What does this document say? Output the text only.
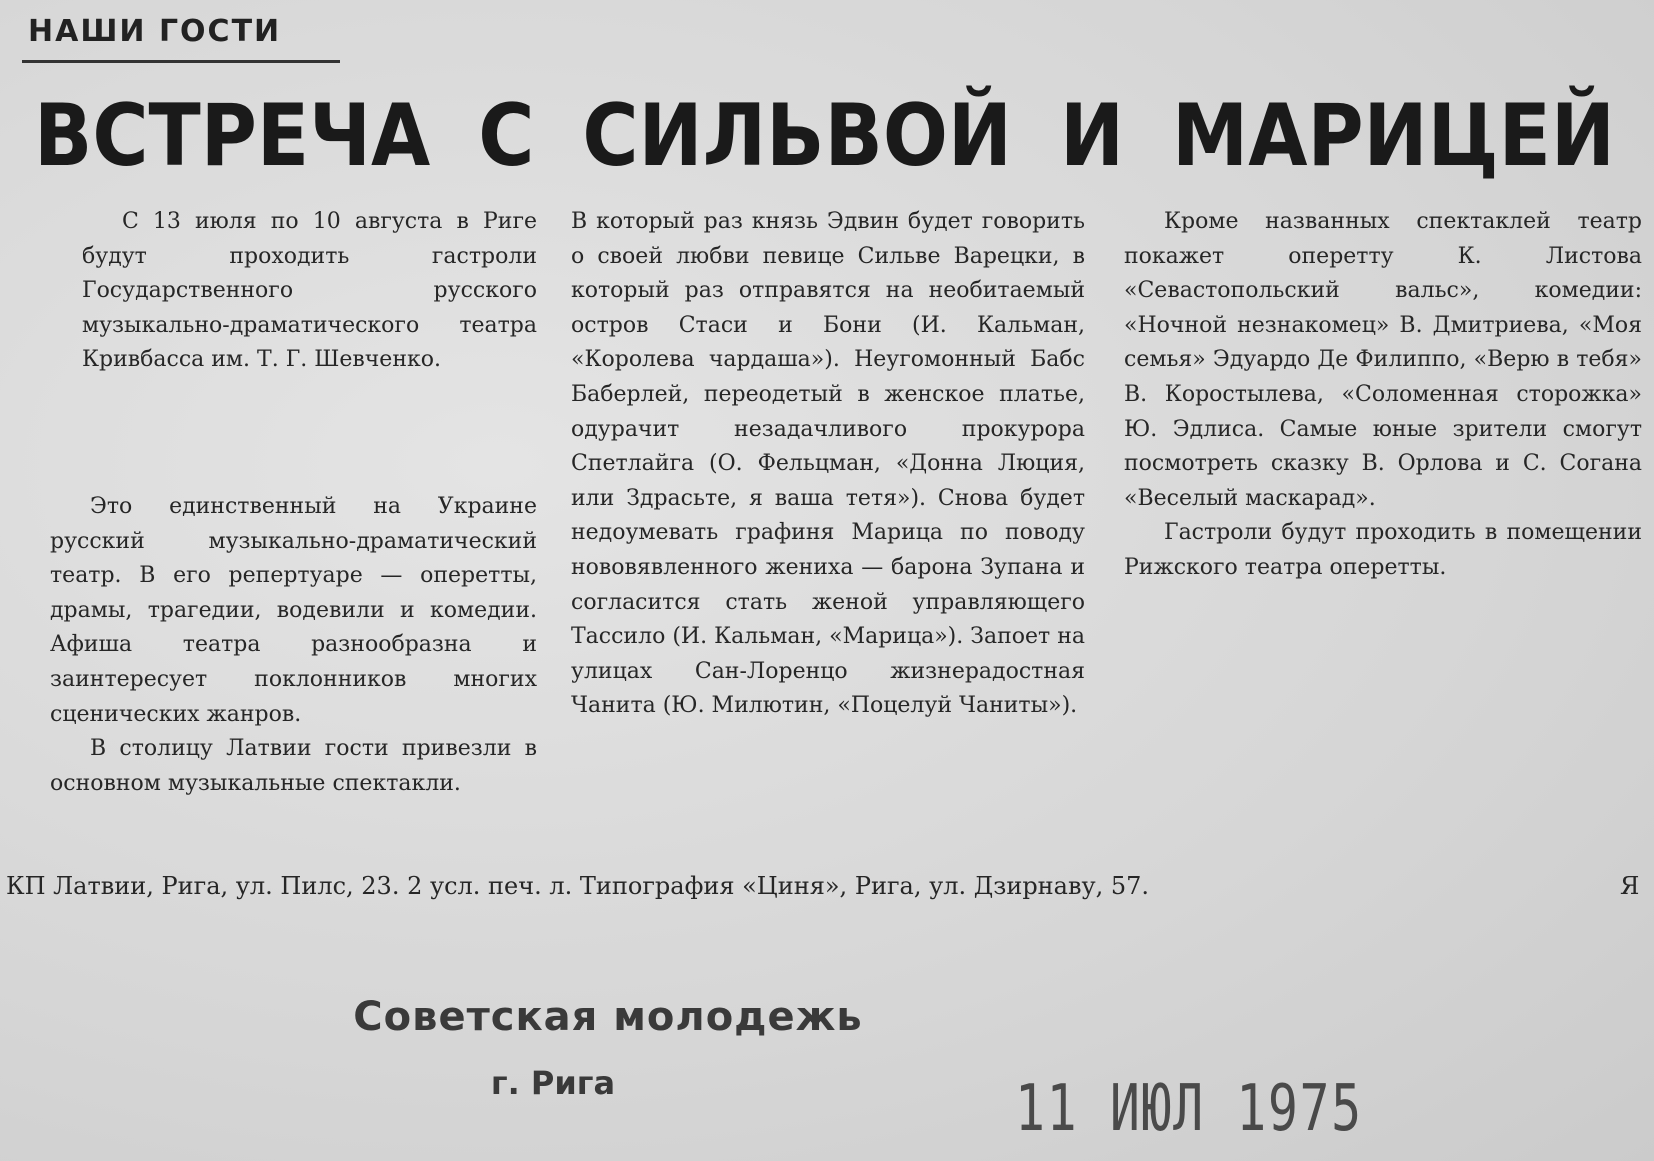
НАШИ ГОСТИ
ВСТРЕЧА С СИЛЬВОЙ И МАРИЦЕЙ

С 13 июля по 10 августа в Риге будут проходить гастроли Государственного русского музыкально-драматического театра Кривбасса им. Т. Г. Шевченко.

Это единственный на Украине русский музыкально-драматический театр. В его репертуаре — оперетты, драмы, трагедии, водевили и комедии. Афиша театра разнообразна и заинтересует поклонников многих сценических жанров.

В столицу Латвии гости привезли в основном музыкальные спектакли.

В который раз князь Эдвин будет говорить о своей любви певице Сильве Варецки, в который раз отправятся на необитаемый остров Стаси и Бони (И. Кальман, «Королева чардаша»). Неугомонный Бабс Баберлей, переодетый в женское платье, одурачит незадачливого прокурора Спетлайга (О. Фельцман, «Донна Люция, или Здрасьте, я ваша тетя»). Снова будет недоумевать графиня Марица по поводу нововявленного жениха — барона Зупана и согласится стать женой управляющего Тассило (И. Кальман, «Марица»). Запоет на улицах Сан-Лоренцо жизнерадостная Чанита (Ю. Милютин, «Поцелуй Чаниты»).

Кроме названных спектаклей театр покажет оперетту К. Листова «Севастопольский вальс», комедии: «Ночной незнакомец» В. Дмитриева, «Моя семья» Эдуардо Де Филиппо, «Верю в тебя» В. Коростылева, «Соломенная сторожка» Ю. Эдлиса. Самые юные зрители смогут посмотреть сказку В. Орлова и С. Согана «Веселый маскарад».

Гастроли будут проходить в помещении Рижского театра оперетты.

КП Латвии, Рига, ул. Пилс, 23. 2 усл. печ. л. Типография «Циня», Рига, ул. Дзирнаву, 57.	Я
Советская молодежь
г. Рига	11 ИЮЛ 1975
